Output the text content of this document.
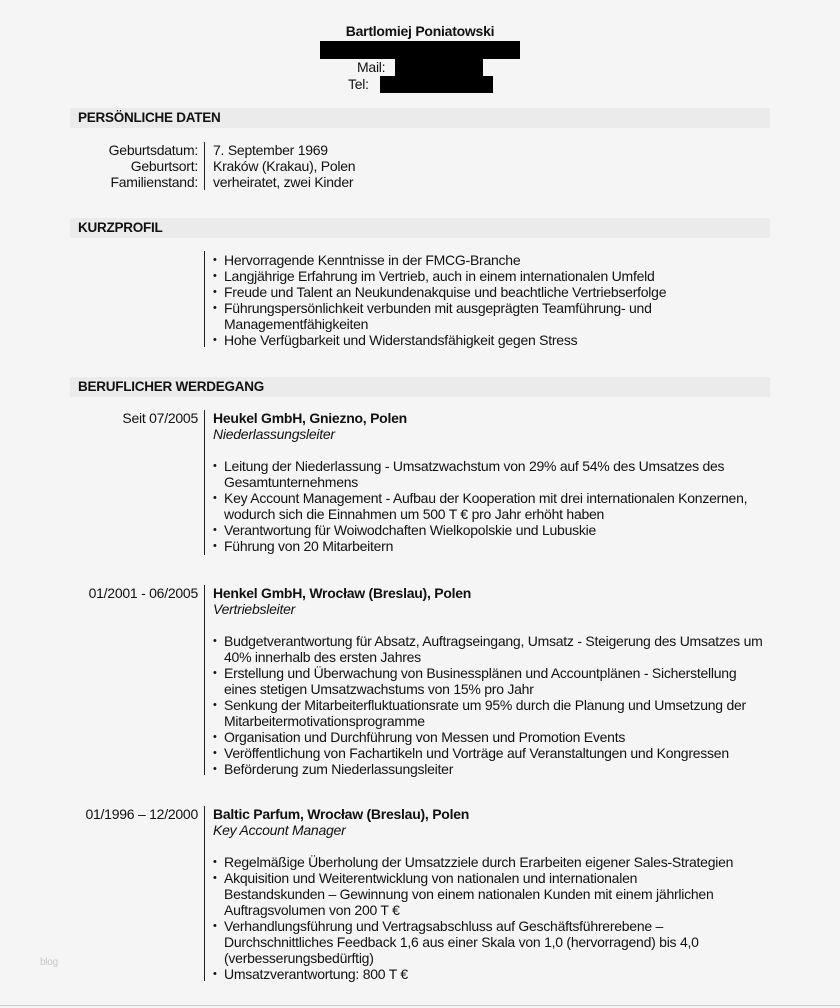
Bartlomiej Poniatowski
Mail:
Tel:
PERSÖNLICHE DATEN
Geburtsdatum: 7. September 1969
Geburtsort: Kraków (Krakau), Polen
Familienstand: verheiratet, zwei Kinder
KURZPROFIL
• Hervorragende Kenntnisse in der FMCG-Branche
• Langjährige Erfahrung im Vertrieb, auch in einem internationalen Umfeld
• Freude und Talent an Neukundenakquise und beachtliche Vertriebserfolge
• Führungspersönlichkeit verbunden mit ausgeprägten Teamführung- und Managementfähigkeiten
• Hohe Verfügbarkeit und Widerstandsfähigkeit gegen Stress
BERUFLICHER WERDEGANG
Seit 07/2005 Heukel GmbH, Gniezno, Polen
Niederlassungsleiter
• Leitung der Niederlassung - Umsatzwachstum von 29% auf 54% des Umsatzes des Gesamtunternehmens
• Key Account Management - Aufbau der Kooperation mit drei internationalen Konzernen, wodurch sich die Einnahmen um 500 T € pro Jahr erhöht haben
• Verantwortung für Woiwodchaften Wielkopolskie und Lubuskie
• Führung von 20 Mitarbeitern
01/2001 - 06/2005 Henkel GmbH, Wrocław (Breslau), Polen
Vertriebsleiter
• Budgetverantwortung für Absatz, Auftragseingang, Umsatz - Steigerung des Umsatzes um 40% innerhalb des ersten Jahres
• Erstellung und Überwachung von Businessplänen und Accountplänen - Sicherstellung eines stetigen Umsatzwachstums von 15% pro Jahr
• Senkung der Mitarbeiterfluktuationsrate um 95% durch die Planung und Umsetzung der Mitarbeitermotivationsprogramme
• Organisation und Durchführung von Messen und Promotion Events
• Veröffentlichung von Fachartikeln und Vorträge auf Veranstaltungen und Kongressen
• Beförderung zum Niederlassungsleiter
01/1996 – 12/2000 Baltic Parfum, Wrocław (Breslau), Polen
Key Account Manager
• Regelmäßige Überholung der Umsatzziele durch Erarbeiten eigener Sales-Strategien
• Akquisition und Weiterentwicklung von nationalen und internationalen Bestandskunden – Gewinnung von einem nationalen Kunden mit einem jährlichen Auftragsvolumen von 200 T €
• Verhandlungsführung und Vertragsabschluss auf Geschäftsführerebene – Durchschnittliches Feedback 1,6 aus einer Skala von 1,0 (hervorragend) bis 4,0 (verbesserungsbedürftig)
• Umsatzverantwortung: 800 T €
blog
